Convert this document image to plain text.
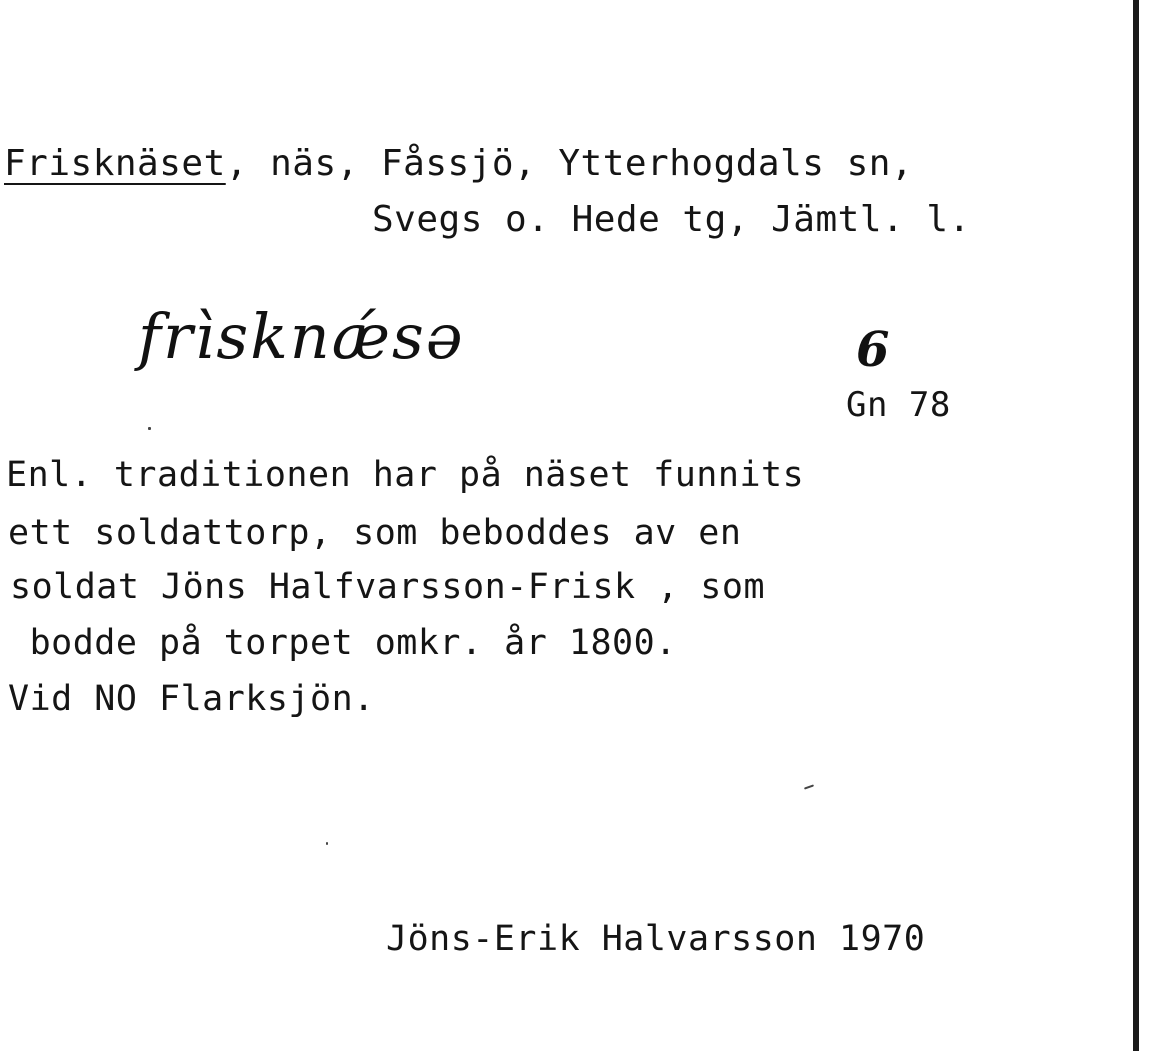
Frisknäset, näs, Fåssjö, Ytterhogdals sn,
Svegs o. Hede tg, Jämtl. l.
frìsknǽsə	6
Gn 78
Enl. traditionen har på näset funnits
ett soldattorp, som beboddes av en
soldat Jöns Halfvarsson-Frisk , som
bodde på torpet omkr. år 1800.
Vid NO Flarksjön.
Jöns-Erik Halvarsson 1970
